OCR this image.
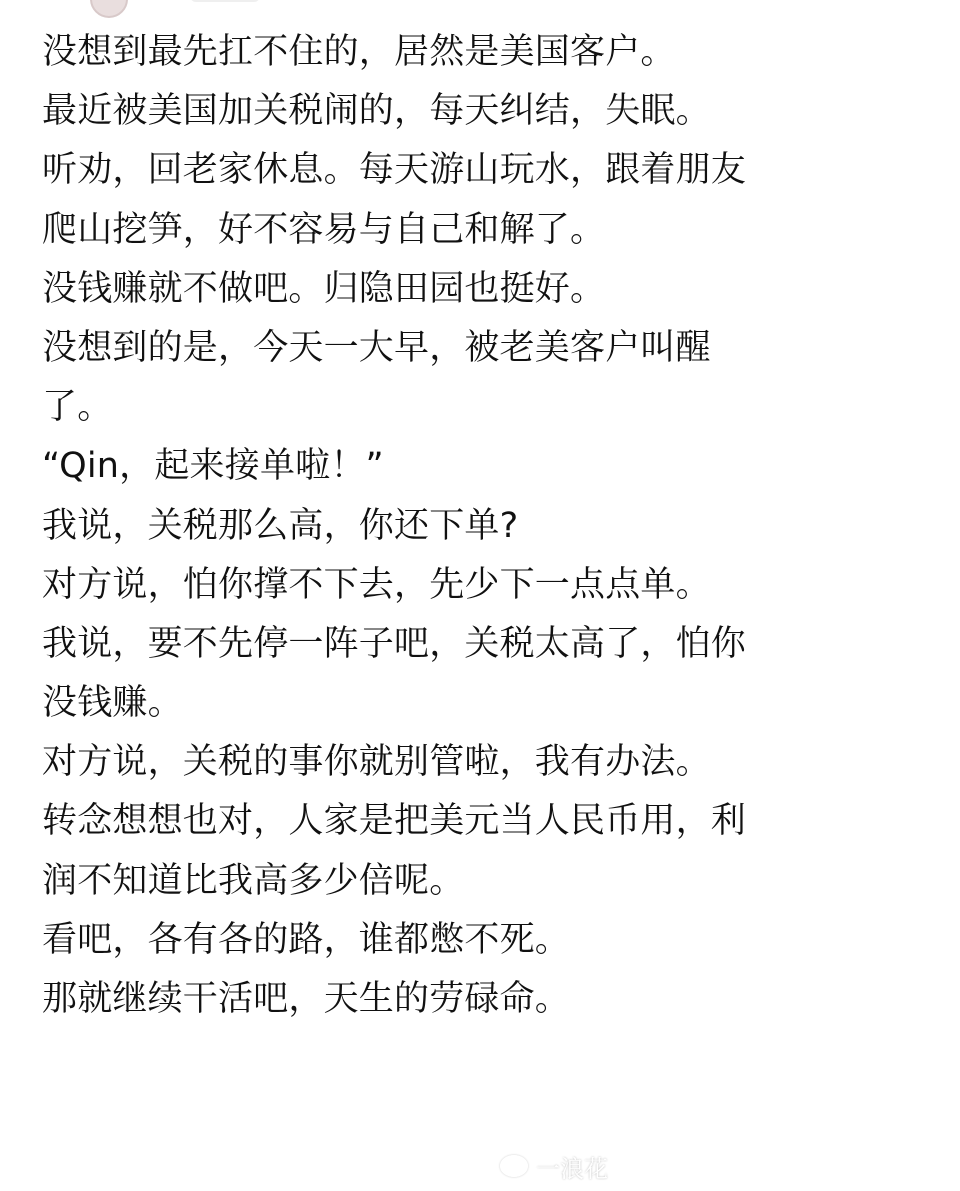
没想到最先扛不住的，居然是美国客户。
最近被美国加关税闹的，每天纠结，失眠。
听劝，回老家休息。每天游山玩水，跟着朋友
爬山挖笋，好不容易与自己和解了。
没钱赚就不做吧。归隐田园也挺好。
没想到的是，今天一大早，被老美客户叫醒
了。
“Qin，起来接单啦！”
我说，关税那么高，你还下单?
对方说，怕你撑不下去，先少下一点点单。
我说，要不先停一阵子吧，关税太高了，怕你
没钱赚。
对方说，关税的事你就别管啦，我有办法。
转念想想也对，人家是把美元当人民币用，利
润不知道比我高多少倍呢。
看吧，各有各的路，谁都憋不死。
那就继续干活吧，天生的劳碌命。
一浪花
